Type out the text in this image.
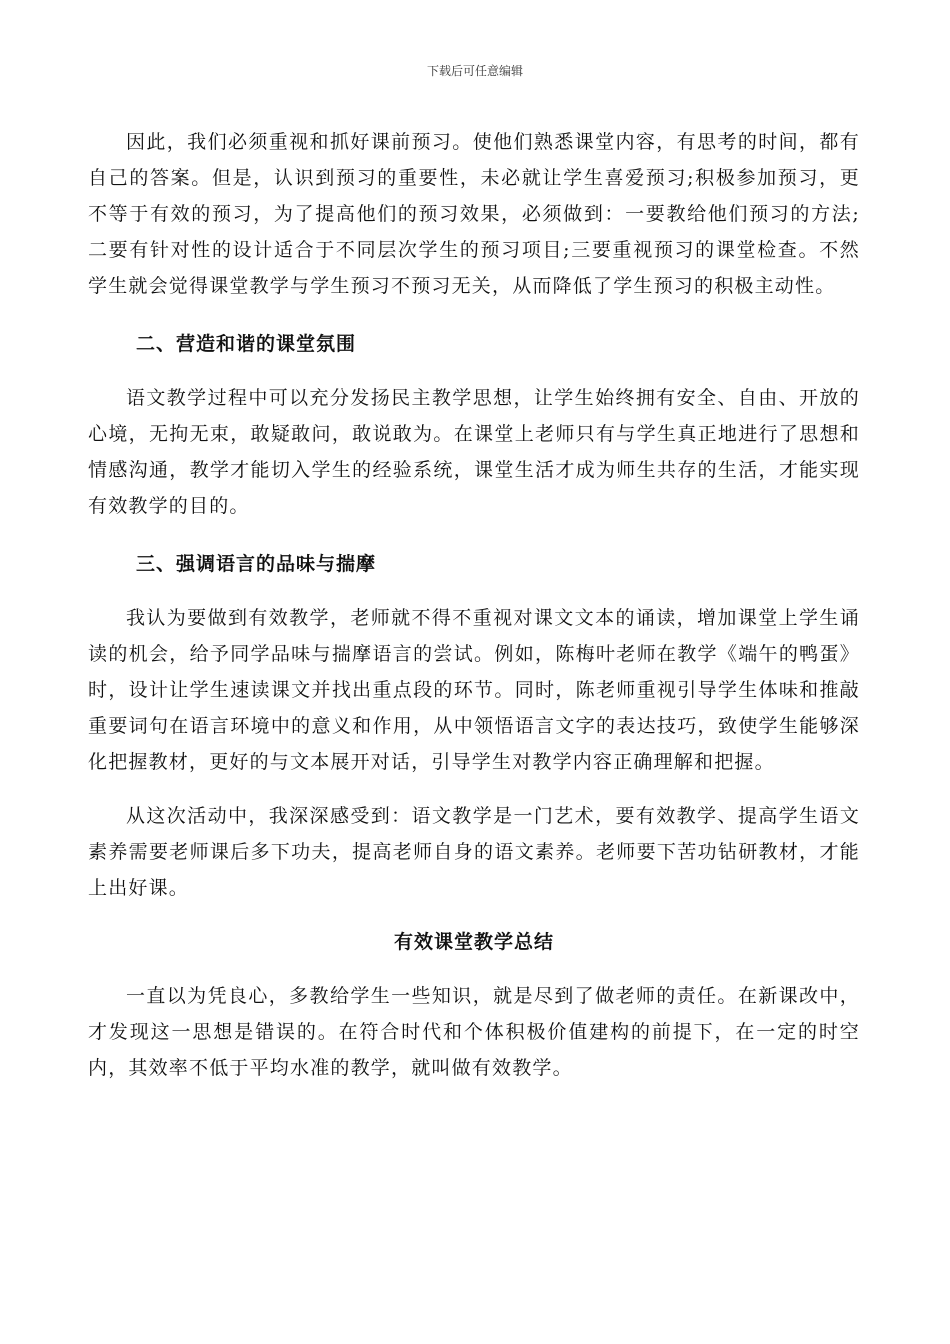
下载后可任意编辑

因此，我们必须重视和抓好课前预习。使他们熟悉课堂内容，有思考的时间，都有自己的答案。但是，认识到预习的重要性，未必就让学生喜爱预习;积极参加预习，更不等于有效的预习，为了提高他们的预习效果，必须做到：一要教给他们预习的方法;二要有针对性的设计适合于不同层次学生的预习项目;三要重视预习的课堂检查。不然学生就会觉得课堂教学与学生预习不预习无关，从而降低了学生预习的积极主动性。

二、营造和谐的课堂氛围

语文教学过程中可以充分发扬民主教学思想，让学生始终拥有安全、自由、开放的心境，无拘无束，敢疑敢问，敢说敢为。在课堂上老师只有与学生真正地进行了思想和情感沟通，教学才能切入学生的经验系统，课堂生活才成为师生共存的生活，才能实现有效教学的目的。

三、强调语言的品味与揣摩

我认为要做到有效教学，老师就不得不重视对课文文本的诵读，增加课堂上学生诵读的机会，给予同学品味与揣摩语言的尝试。例如，陈梅叶老师在教学《端午的鸭蛋》时，设计让学生速读课文并找出重点段的环节。同时，陈老师重视引导学生体味和推敲重要词句在语言环境中的意义和作用，从中领悟语言文字的表达技巧，致使学生能够深化把握教材，更好的与文本展开对话，引导学生对教学内容正确理解和把握。

从这次活动中，我深深感受到：语文教学是一门艺术，要有效教学、提高学生语文素养需要老师课后多下功夫，提高老师自身的语文素养。老师要下苦功钻研教材，才能上出好课。

有效课堂教学总结

一直以为凭良心，多教给学生一些知识，就是尽到了做老师的责任。在新课改中，才发现这一思想是错误的。在符合时代和个体积极价值建构的前提下，在一定的时空内，其效率不低于平均水准的教学，就叫做有效教学。
